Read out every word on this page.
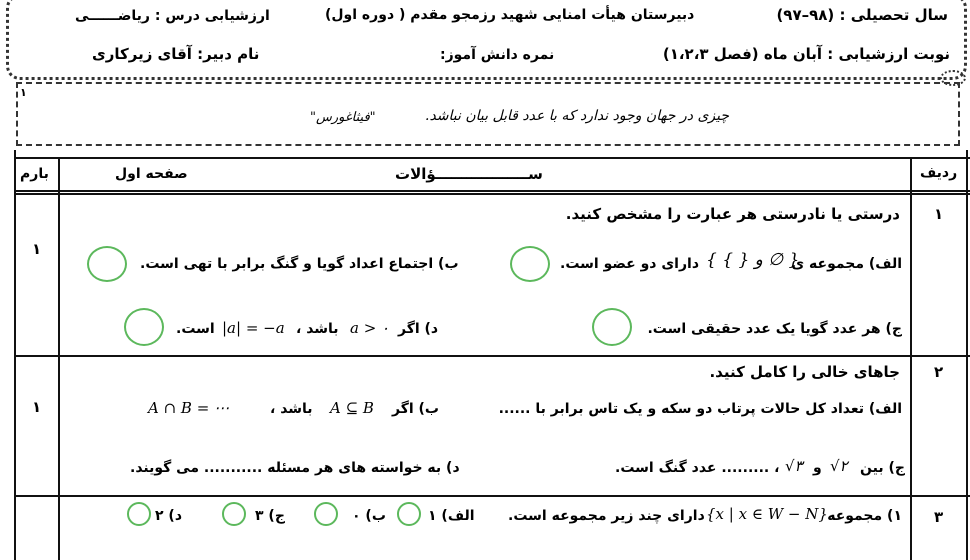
سال تحصیلی : (۹۸–۹۷)
دبیرستان هیأت امنایی شهید رزمجو مقدم ( دوره اول)
ارزشیابی درس : ریاضــــــی
نوبت ارزشیابی : آبان ماه (فصل ۱،۲،۳)
نمره دانش آموز:
نام دبیر: آقای زیرکاری
۱
چیزی در جهان وجود ندارد که با عدد قابل بیان نباشد.
"فیثاغورس"
ردیف
ســــــــــــــــــؤالات
صفحه اول
بارم
۱
۱
درستی یا نادرستی هر عبارت را مشخص کنید.
الف) مجموعه ی
{ { } و ∅ }
دارای دو عضو است.
ب) اجتماع اعداد گویا و گنگ برابر با تهی است.
ج) هر عدد گویا یک عدد حقیقی است.
د) اگر
a > ۰
باشد ،
|a| = −a
است.
۲
۱
جاهای خالی را کامل کنید.
الف) تعداد کل حالات پرتاب دو سکه و یک تاس برابر با ......
ب) اگر
A ⊆ B
باشد ،
A ∩ B = ⋯
ج) بین
√۲
و
√۳
، ......... عدد گنگ است.
د) به خواسته های هر مسئله ........... می گویند.
۳
۱) مجموعه
{x | x ∈ W − N}
دارای چند زیر مجموعه است.
الف) ۱
ب) ۰
ج) ۳
د) ۲
